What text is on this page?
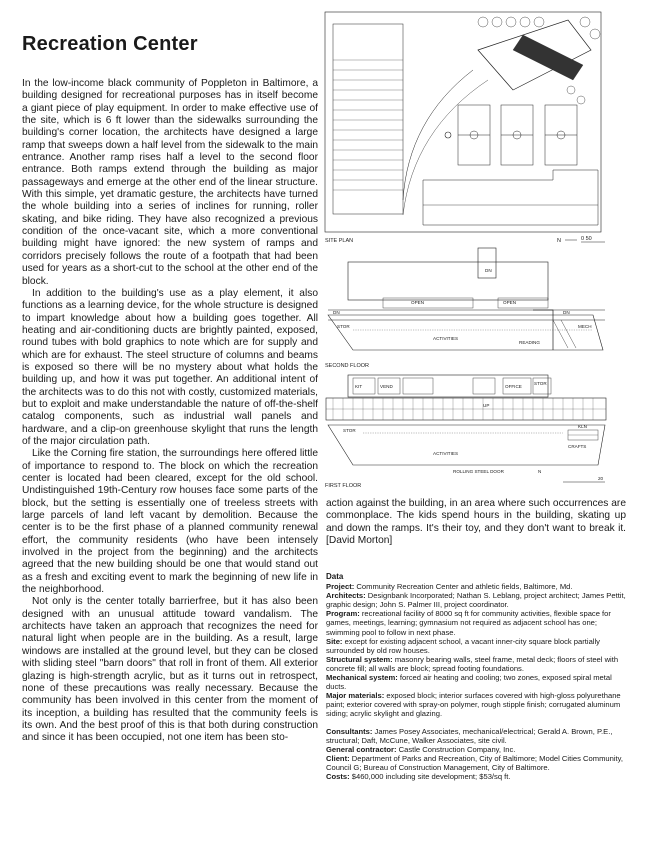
Recreation Center

In the low-income black community of Poppleton in Baltimore, a building designed for recreational purposes has in itself become a giant piece of play equipment. In order to make effective use of the site, which is 6 ft lower than the sidewalks surrounding the building's corner location, the architects have designed a large ramp that sweeps down a half level from the sidewalk to the main entrance. Another ramp rises half a level to the second floor entrance. Both ramps extend through the building as major passageways and emerge at the other end of the linear structure. With this simple, yet dramatic gesture, the architects have turned the whole building into a series of inclines for running, roller skating, and bike riding. They have also recognized a previous condition of the once-vacant site, which a more conventional building might have ignored: the new system of ramps and corridors precisely follows the route of a footpath that had been used for years as a short-cut to the school at the other end of the block.

In addition to the building's use as a play element, it also functions as a learning device, for the whole structure is designed to impart knowledge about how a building goes together. All heating and air-conditioning ducts are brightly painted, exposed, round tubes with bold graphics to note which are for supply and which are for exhaust. The steel structure of columns and beams is exposed so there will be no mystery about what holds the building up, and how it was put together. An additional intent of the architects was to do this not with costly, customized materials, but to exploit and make understandable the nature of off-the-shelf catalog components, such as industrial wall panels and hardware, and a clip-on greenhouse skylight that runs the length of the major circulation path.

Like the Corning fire station, the surroundings here offered little of importance to respond to. The block on which the recreation center is located had been cleared, except for the old school. Undistinguished 19th-Century row houses face some parts of the block, but the setting is essentially one of treeless streets with large parcels of land left vacant by demolition. Because the center is to be the first phase of a planned community renewal effort, the community residents (who have been intensely involved in the project from the beginning) and the architects agreed that the new building should be one that would stand out as a fresh and exciting event to mark the beginning of new life in the neighborhood.

Not only is the center totally barrierfree, but it has also been designed with an unusual attitude toward vandalism. The architects have taken an approach that recognizes the need for natural light when people are in the building. As a result, large windows are installed at the ground level, but they can be closed with sliding steel "barn doors" that roll in front of them. All exterior glazing is high-strength acrylic, but as it turns out in retrospect, none of these precautions was really necessary. Because the community has been involved in this center from the moment of its inception, a building has resulted that the community feels is its own. And the best proof of this is that both during construction and since it has been occupied, not one item has been sto-

SITE PLAN	N	0 50
DN
OPEN	OPEN
DN	DN
STOR	MECH
ACTIVITIES
READING
SECOND FLOOR
KIT	VEND	OFFICE
STOR
UP
STOR
KLN
CRAFTS
ACTIVITIES
ROLLING STEEL DOOR
FIRST FLOOR
N
20

action against the building, in an area where such occurrences are commonplace. The kids spend hours in the building, skating up and down the ramps. It's their toy, and they don't want to break it. [David Morton]

Data

Project: Community Recreation Center and athletic fields, Baltimore, Md.

Architects: Designbank Incorporated; Nathan S. Leblang, project architect; James Pettit, graphic design; John S. Palmer III, project coordinator.

Program: recreational facility of 8000 sq ft for community activities, flexible space for games, meetings, learning; gymnasium not required as adjacent school has one; swimming pool to follow in next phase.

Site: except for existing adjacent school, a vacant inner-city square block partially surrounded by old row houses.

Structural system: masonry bearing walls, steel frame, metal deck; floors of steel with concrete fill; all walls are block; spread footing foundations.

Mechanical system: forced air heating and cooling; two zones, exposed spiral metal ducts.

Major materials: exposed block; interior surfaces covered with high-gloss polyurethane paint; exterior covered with spray-on polymer, rough stipple finish; corrugated aluminum siding; acrylic skylight and glazing.

Consultants: James Posey Associates, mechanical/electrical; Gerald A. Brown, P.E., structural; Daft, McCune, Walker Associates, site civil.

General contractor: Castle Construction Company, Inc.

Client: Department of Parks and Recreation, City of Baltimore; Model Cities Community, Council G; Bureau of Construction Management, City of Baltimore.

Costs: $460,000 including site development; $53/sq ft.
